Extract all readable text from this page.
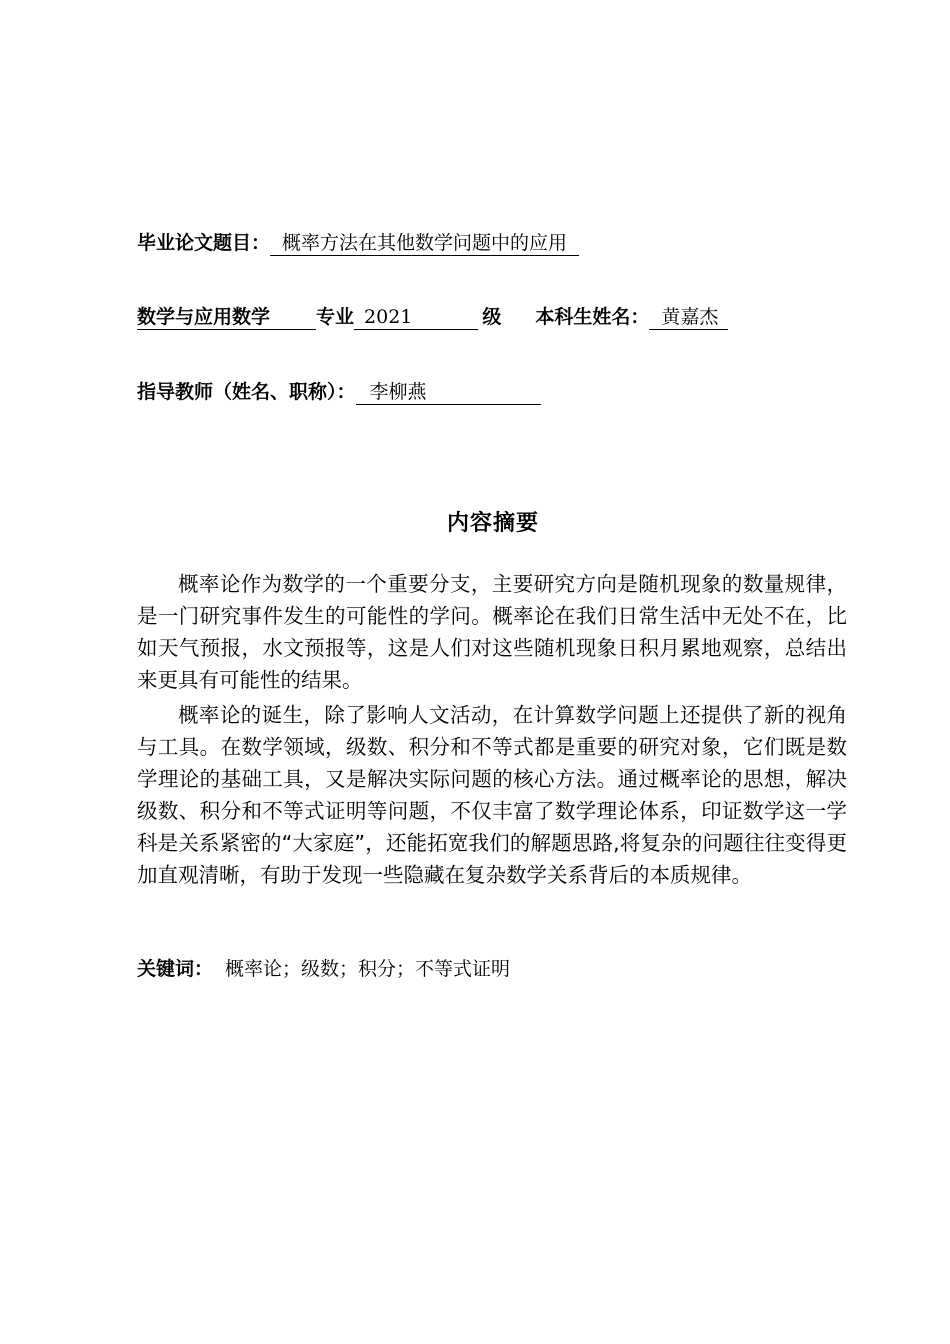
毕业论文题目： 概率方法在其他数学问题中的应用
数学与应用数学 专业 2021	级 本科生姓名： 黄嘉杰
指导教师（姓名、职称）： 李柳燕
内容摘要

概率论作为数学的一个重要分支，主要研究方向是随机现象的数量规律，是一门研究事件发生的可能性的学问。概率论在我们日常生活中无处不在，比如天气预报，水文预报等，这是人们对这些随机现象日积月累地观察，总结出来更具有可能性的结果。

概率论的诞生，除了影响人文活动，在计算数学问题上还提供了新的视角与工具。在数学领域，级数、积分和不等式都是重要的研究对象，它们既是数学理论的基础工具，又是解决实际问题的核心方法。通过概率论的思想，解决级数、积分和不等式证明等问题，不仅丰富了数学理论体系，印证数学这一学科是关系紧密的“大家庭”，还能拓宽我们的解题思路,将复杂的问题往往变得更加直观清晰，有助于发现一些隐藏在复杂数学关系背后的本质规律。

关键词： 概率论；级数；积分；不等式证明
